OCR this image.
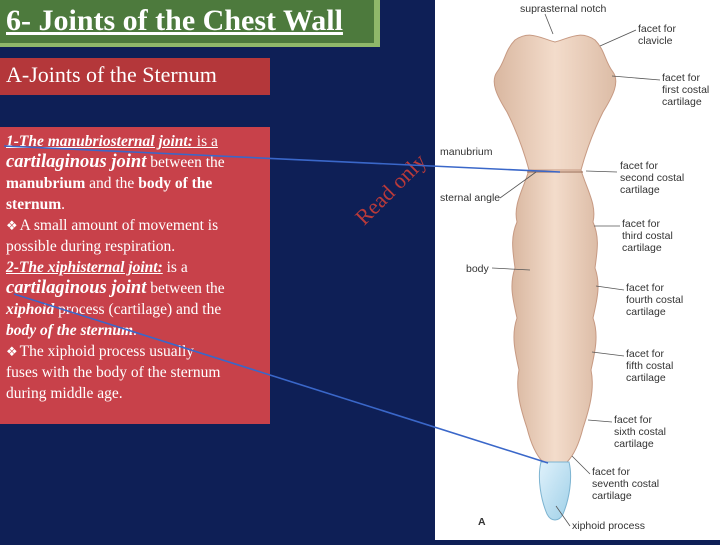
6- Joints of the Chest Wall
A-Joints of the Sternum
1-The manubriosternal joint: is a
cartilaginous joint between the
manubrium and the body of the
sternum.
❖ A small amount of movement is
possible during respiration.
2-The xiphisternal joint: is a
cartilaginous joint between the
xiphoid process (cartilage) and the
body of the sternum.
❖ The xiphoid process usually
fuses with the body of the sternum
during middle age.
Read only
suprasternal notch
facet for
clavicle
facet for
first costal
cartilage
manubrium
facet for
second costal
cartilage
sternal angle
facet for
third costal
cartilage
body
facet for
fourth costal
cartilage
facet for
fifth costal
cartilage
facet for
sixth costal
cartilage
facet for
seventh costal
cartilage
xiphoid process
A
